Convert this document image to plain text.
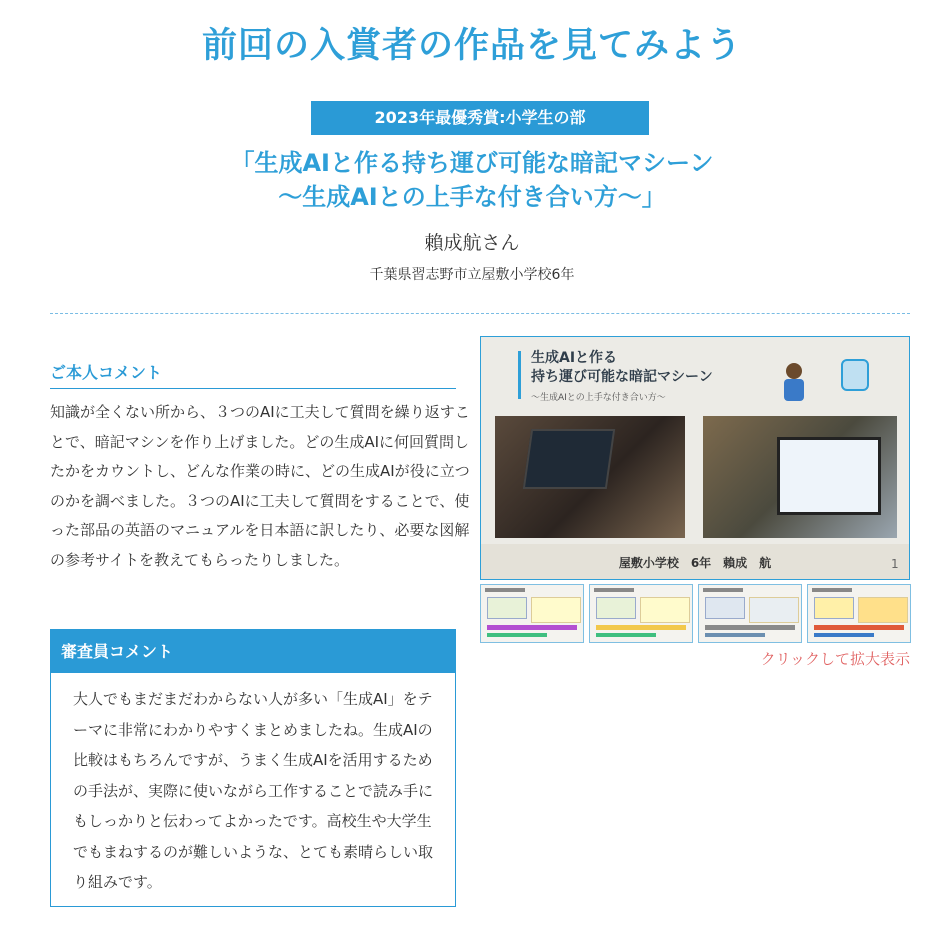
前回の入賞者の作品を見てみよう
2023年最優秀賞:小学生の部
「生成AIと作る持ち運び可能な暗記マシーン
〜生成AIとの上手な付き合い方〜」
賴成航さん
千葉県習志野市立屋敷小学校6年
ご本人コメント
知識が全くない所から、３つのAIに工夫して質問を繰り返すことで、暗記マシンを作り上げました。どの生成AIに何回質問したかをカウントし、どんな作業の時に、どの生成AIが役に立つのかを調べました。３つのAIに工夫して質問をすることで、使った部品の英語のマニュアルを日本語に訳したり、必要な図解の参考サイトを教えてもらったりしました。
審査員コメント
大人でもまだまだわからない人が多い「生成AI」をテーマに非常にわかりやすくまとめましたね。生成AIの比較はもちろんですが、うまく生成AIを活用するための手法が、実際に使いながら工作することで読み手にもしっかりと伝わってよかったです。高校生や大学生でもまねするのが難しいような、とても素晴らしい取り組みです。
生成AIと作る
持ち運び可能な暗記マシーン
〜生成AIとの上手な付き合い方〜
屋敷小学校　6年　賴成　航	1
クリックして拡大表示
